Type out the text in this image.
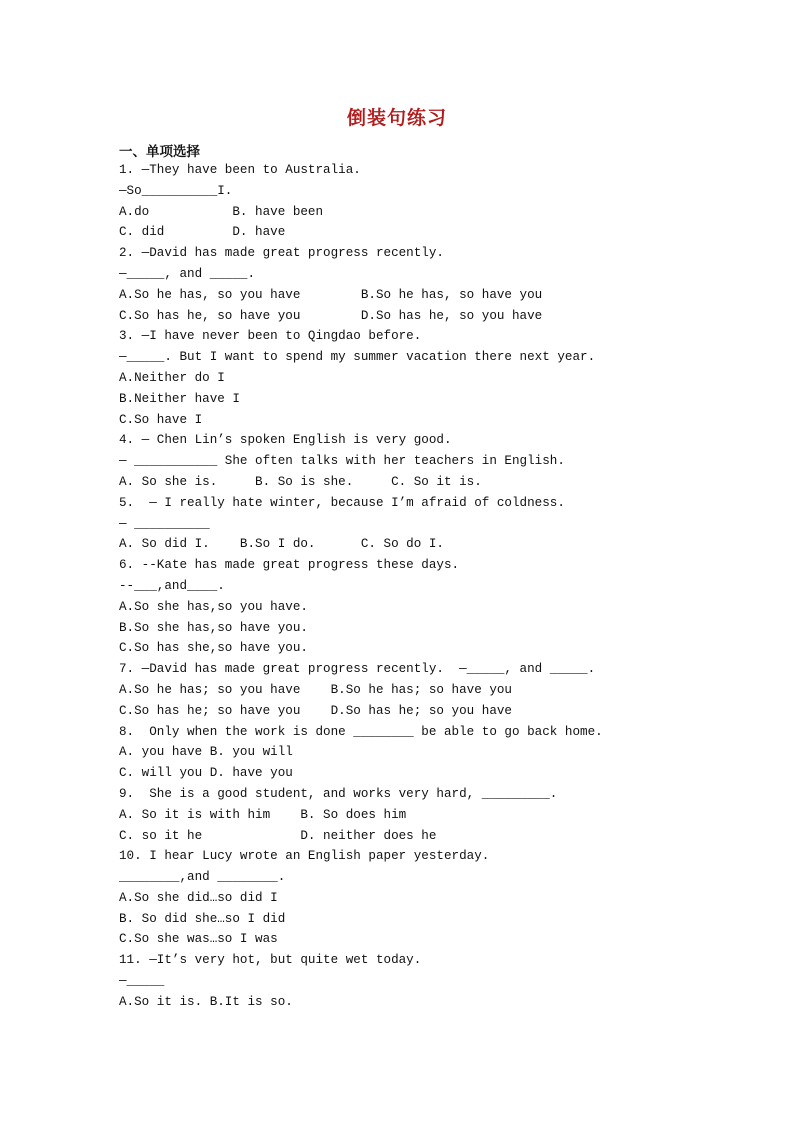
倒装句练习
一、单项选择
1. —They have been to Australia.
—So__________I.
A.do           B. have been
C. did         D. have
2. —David has made great progress recently.
—_____, and _____.
A.So he has, so you have        B.So he has, so have you
C.So has he, so have you        D.So has he, so you have
3. —I have never been to Qingdao before.
—_____. But I want to spend my summer vacation there next year.
A.Neither do I
B.Neither have I
C.So have I
4. — Chen Lin’s spoken English is very good.
— ___________ She often talks with her teachers in English.
A. So she is.     B. So is she.     C. So it is.
5.  — I really hate winter, because I’m afraid of coldness.
— __________
A. So did I.    B.So I do.      C. So do I.
6. --Kate has made great progress these days.
--___,and____.
A.So she has,so you have.
B.So she has,so have you.
C.So has she,so have you.
7. —David has made great progress recently.  —_____, and _____.
A.So he has; so you have    B.So he has; so have you
C.So has he; so have you    D.So has he; so you have
8.  Only when the work is done ________ be able to go back home.
A. you have B. you will
C. will you D. have you
9.  She is a good student, and works very hard, _________.
A. So it is with him    B. So does him
C. so it he             D. neither does he
10. I hear Lucy wrote an English paper yesterday.
________,and ________.
A.So she did…so did I
B. So did she…so I did
C.So she was…so I was
11. —It’s very hot, but quite wet today.
—_____
A.So it is. B.It is so.
